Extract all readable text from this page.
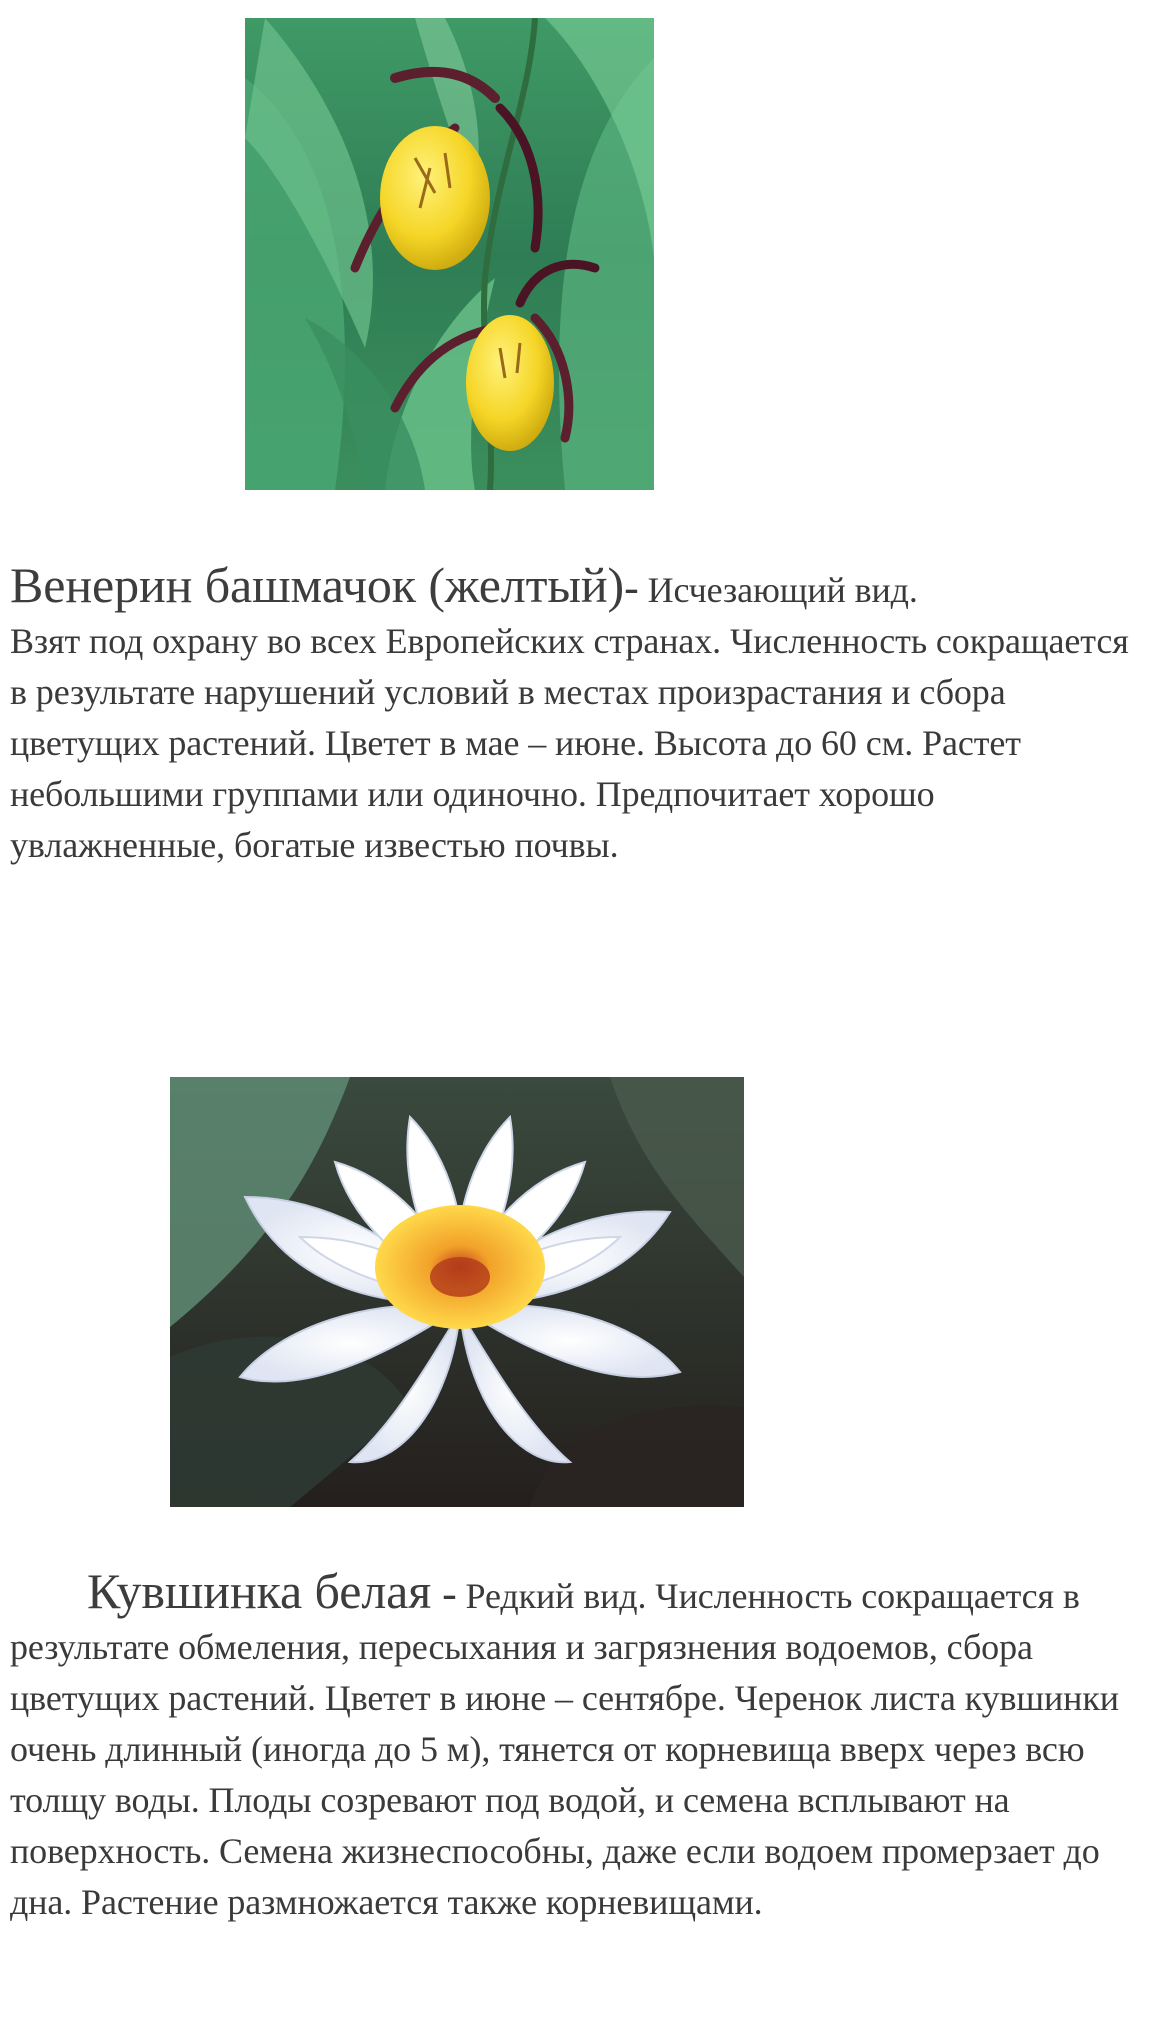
Венерин башмачок (желтый)- Исчезающий вид.
Взят под охрану во всех Европейских странах. Численность сокращается в результате нарушений условий в местах произрастания и сбора цветущих растений. Цветет в мае – июне. Высота до 60 см. Растет небольшими группами или одиночно. Предпочитает хорошо увлажненные, богатые известью почвы.
Кувшинка белая - Редкий вид. Численность сокращается в результате обмеления, пересыхания и загрязнения водоемов, сбора цветущих растений. Цветет в июне – сентябре. Черенок листа кувшинки очень длинный (иногда до 5 м), тянется от корневища вверх через всю толщу воды. Плоды созревают под водой, и семена всплывают на поверхность. Семена жизнеспособны, даже если водоем промерзает до дна. Растение размножается также корневищами.
